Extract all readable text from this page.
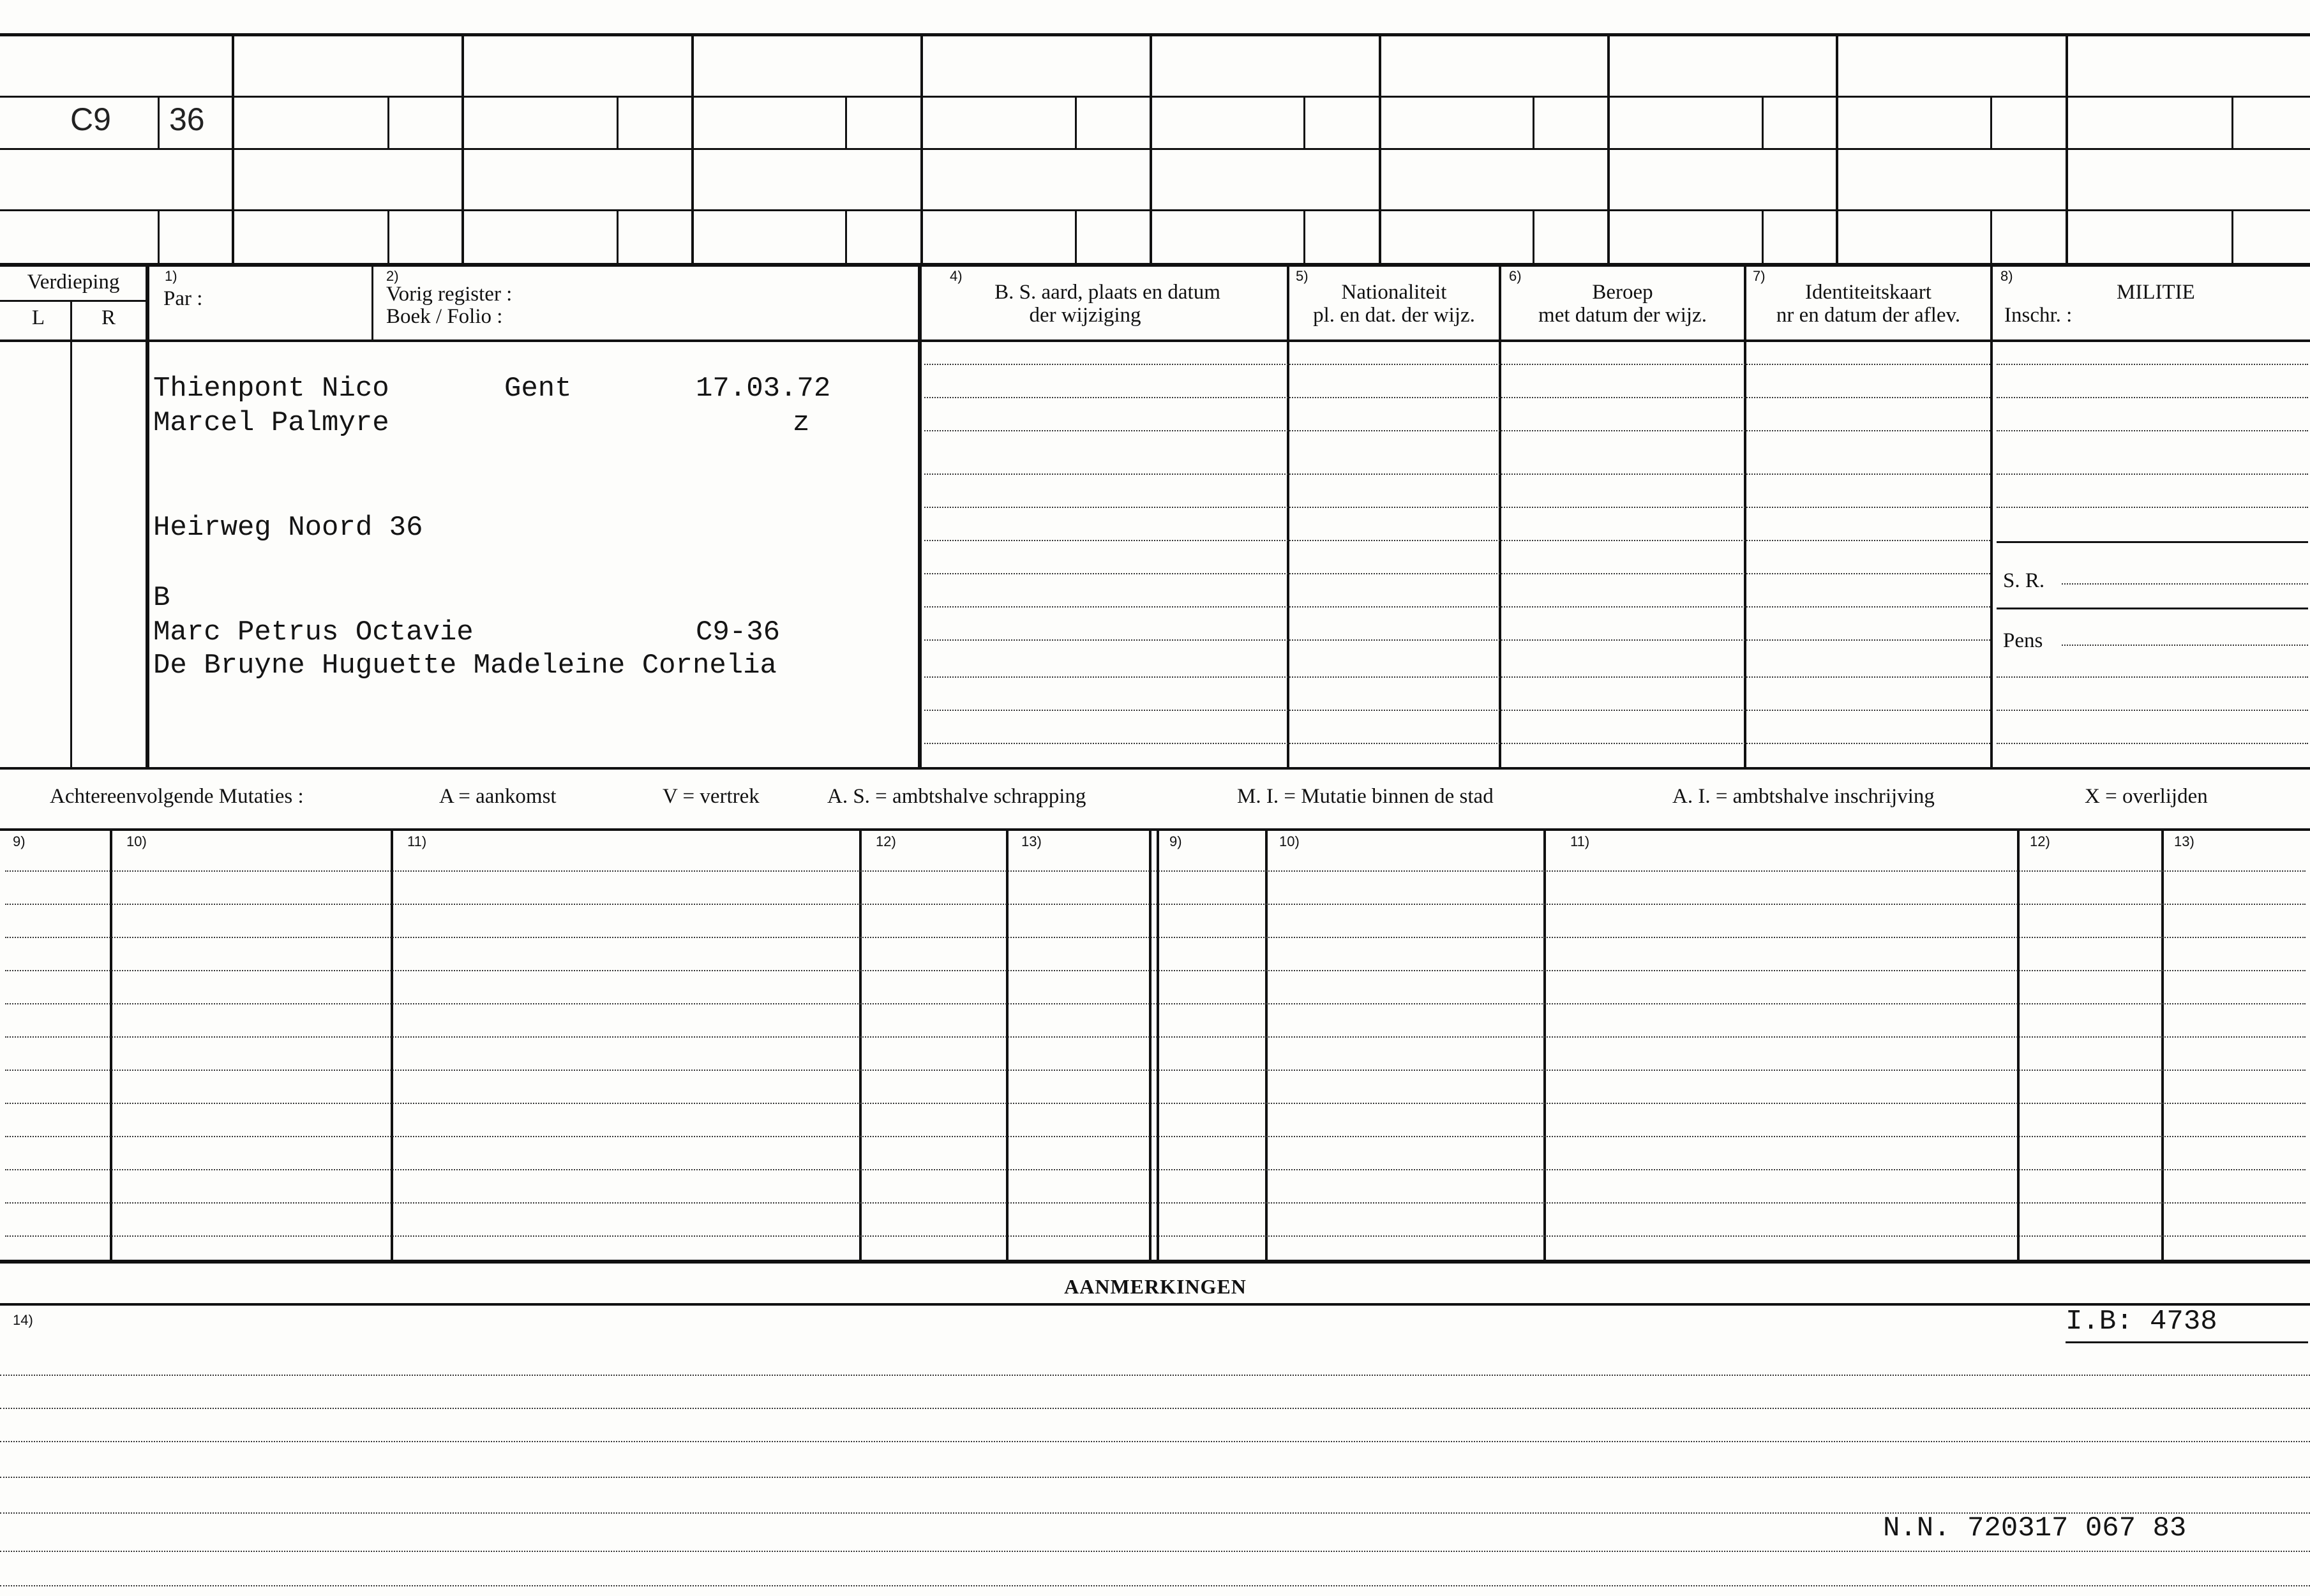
C9 36
Verdieping
L	R
1)
Par :
2)
Vorig register :
Boek / Folio :
4)
B. S. aard, plaats en datum
der wijziging
5)
Nationaliteit
pl. en dat. der wijz.
6)
Beroep
met datum der wijz.
7)
Identiteitskaart
nr en datum der aflev.
8)
MILITIE
Inschr. :
Thienpont Nico	Gent	17.03.72
Marcel Palmyre	z
Heirweg Noord 36
B
Marc Petrus Octavie	C9-36
De Bruyne Huguette Madeleine Cornelia
S. R.
Pens
Achtereenvolgende Mutaties :	A = aankomst	V = vertrek	A. S. = ambtshalve schrapping	M. I. = Mutatie binnen de stad	A. I. = ambtshalve inschrijving	X = overlijden
9)	10)	11)	12)	13)	9)	10)	11)	12)	13)
AANMERKINGEN
14)	I.B: 4738
N.N. 720317 067 83
